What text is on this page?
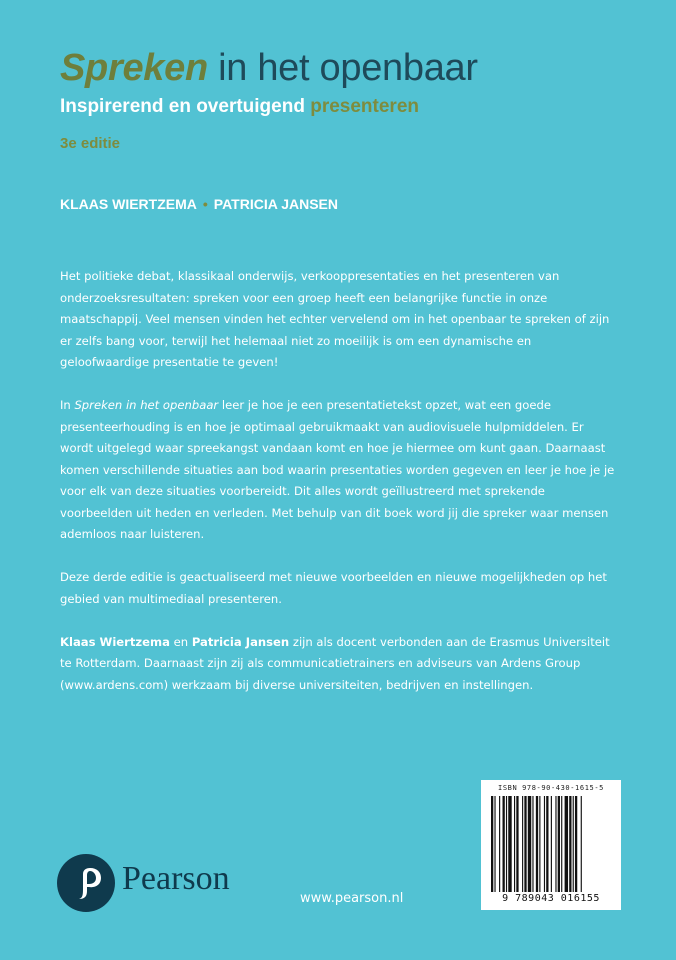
Spreken in het openbaar
Inspirerend en overtuigend presenteren
3e editie
KLAAS WIERTZEMA • PATRICIA JANSEN

Het politieke debat, klassikaal onderwijs, verkooppresentaties en het presenteren van onderzoeksresultaten: spreken voor een groep heeft een belangrijke functie in onze maatschappij. Veel mensen vinden het echter vervelend om in het openbaar te spreken of zijn er zelfs bang voor, terwijl het helemaal niet zo moeilijk is om een dynamische en geloofwaardige presentatie te geven!

In Spreken in het openbaar leer je hoe je een presentatietekst opzet, wat een goede presenteerhouding is en hoe je optimaal gebruikmaakt van audiovisuele hulpmiddelen. Er wordt uitgelegd waar spreekangst vandaan komt en hoe je hiermee om kunt gaan. Daarnaast komen verschillende situaties aan bod waarin presentaties worden gegeven en leer je hoe je je voor elk van deze situaties voorbereidt. Dit alles wordt geïllustreerd met sprekende voorbeelden uit heden en verleden. Met behulp van dit boek word jij die spreker waar mensen ademloos naar luisteren.

Deze derde editie is geactualiseerd met nieuwe voorbeelden en nieuwe mogelijkheden op het gebied van multimediaal presenteren.

Klaas Wiertzema en Patricia Jansen zijn als docent verbonden aan de Erasmus Universiteit te Rotterdam. Daarnaast zijn zij als communicatietrainers en adviseurs van Ardens Group (www.ardens.com) werkzaam bij diverse universiteiten, bedrijven en instellingen.

ISBN 978-90-430-1615-5
9 789043 016155
Pearson
www.pearson.nl
